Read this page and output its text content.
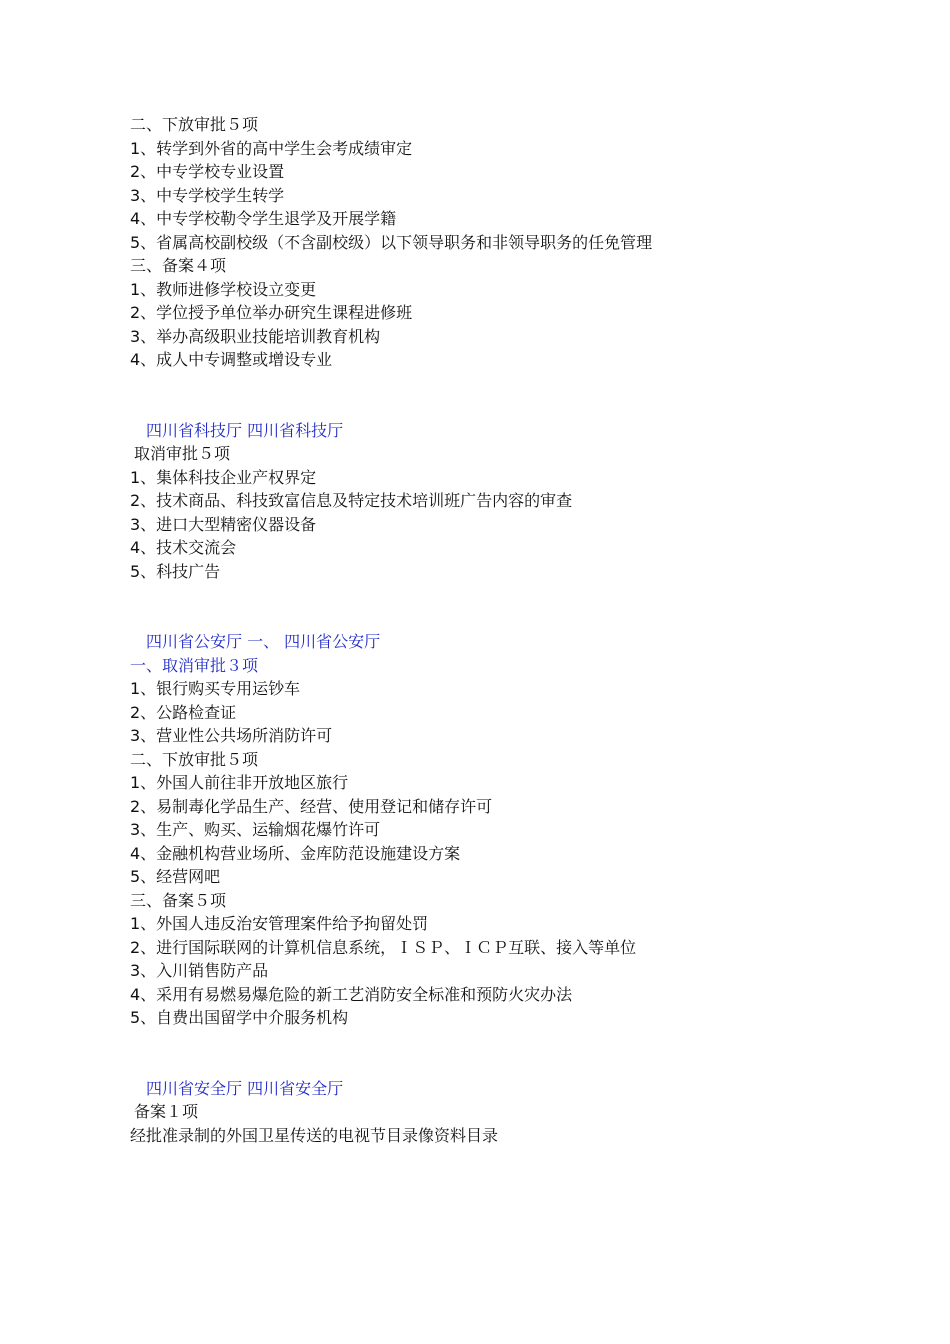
二、下放审批５项
1、转学到外省的高中学生会考成绩审定
2、中专学校专业设置
3、中专学校学生转学
4、中专学校勒令学生退学及开展学籍
5、省属高校副校级（不含副校级）以下领导职务和非领导职务的任免管理
三、备案４项
1、教师进修学校设立变更
2、学位授予单位举办研究生课程进修班
3、举办高级职业技能培训教育机构
4、成人中专调整或增设专业
四川省科技厅 四川省科技厅
取消审批５项
1、集体科技企业产权界定
2、技术商品、科技致富信息及特定技术培训班广告内容的审查
3、进口大型精密仪器设备
4、技术交流会
5、科技广告
四川省公安厅 一、 四川省公安厅
一、取消审批３项
1、银行购买专用运钞车
2、公路检查证
3、营业性公共场所消防许可
二、下放审批５项
1、外国人前往非开放地区旅行
2、易制毒化学品生产、经营、使用登记和储存许可
3、生产、购买、运输烟花爆竹许可
4、金融机构营业场所、金库防范设施建设方案
5、经营网吧
三、备案５项
1、外国人违反治安管理案件给予拘留处罚
2、进行国际联网的计算机信息系统，ＩＳＰ、ＩＣＰ互联、接入等单位
3、入川销售防产品
4、采用有易燃易爆危险的新工艺消防安全标准和预防火灾办法
5、自费出国留学中介服务机构
四川省安全厅 四川省安全厅
备案１项
经批准录制的外国卫星传送的电视节目录像资料目录
